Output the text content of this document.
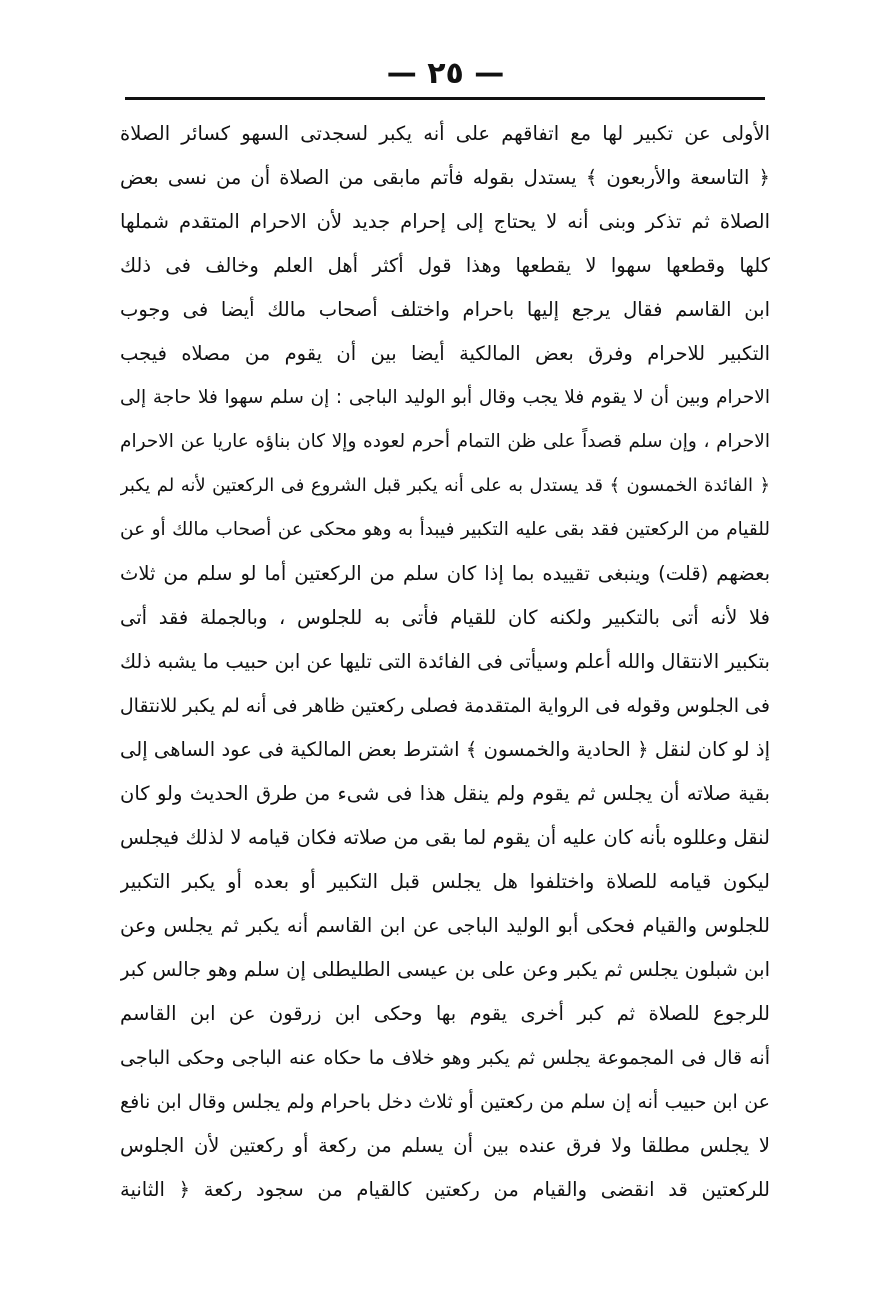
— ٢٥ —
الأولى عن تكبير لها مع اتفاقهم على أنه يكبر لسجدتى السهو كسائر الصلاة
﴿ التاسعة والأربعون ﴾ يستدل بقوله فأتم مابقى من الصلاة أن من نسى بعض
الصلاة ثم تذكر وبنى أنه لا يحتاج إلى إحرام جديد لأن الاحرام المتقدم شملها
كلها وقطعها سهوا لا يقطعها وهذا قول أكثر أهل العلم وخالف فى ذلك
ابن القاسم فقال يرجع إليها باحرام واختلف أصحاب مالك أيضا فى وجوب
التكبير للاحرام وفرق بعض المالكية أيضا بين أن يقوم من مصلاه فيجب
الاحرام وبين أن لا يقوم فلا يجب وقال أبو الوليد الباجى : إن سلم سهوا فلا حاجة إلى
الاحرام ، وإن سلم قصداً على ظن التمام أحرم لعوده وإلا كان بناؤه عاريا عن الاحرام
﴿ الفائدة الخمسون ﴾ قد يستدل به على أنه يكبر قبل الشروع فى الركعتين لأنه لم يكبر
للقيام من الركعتين فقد بقى عليه التكبير فيبدأ به وهو محكى عن أصحاب مالك أو عن
بعضهم (قلت) وينبغى تقييده بما إذا كان سلم من الركعتين أما لو سلم من ثلاث
فلا لأنه أتى بالتكبير ولكنه كان للقيام فأتى به للجلوس ، وبالجملة فقد أتى
بتكبير الانتقال والله أعلم وسيأتى فى الفائدة التى تليها عن ابن حبيب ما يشبه ذلك
فى الجلوس وقوله فى الرواية المتقدمة فصلى ركعتين ظاهر فى أنه لم يكبر للانتقال
إذ لو كان لنقل ﴿ الحادية والخمسون ﴾ اشترط بعض المالكية فى عود الساهى إلى
بقية صلاته أن يجلس ثم يقوم ولم ينقل هذا فى شىء من طرق الحديث ولو كان
لنقل وعللوه بأنه كان عليه أن يقوم لما بقى من صلاته فكان قيامه لا لذلك فيجلس
ليكون قيامه للصلاة واختلفوا هل يجلس قبل التكبير أو بعده أو يكبر التكبير
للجلوس والقيام فحكى أبو الوليد الباجى عن ابن القاسم أنه يكبر ثم يجلس وعن
ابن شبلون يجلس ثم يكبر وعن على بن عيسى الطليطلى إن سلم وهو جالس كبر
للرجوع للصلاة ثم كبر أخرى يقوم بها وحكى ابن زرقون عن ابن القاسم
أنه قال فى المجموعة يجلس ثم يكبر وهو خلاف ما حكاه عنه الباجى وحكى الباجى
عن ابن حبيب أنه إن سلم من ركعتين أو ثلاث دخل باحرام ولم يجلس وقال ابن نافع
لا يجلس مطلقا ولا فرق عنده بين أن يسلم من ركعة أو ركعتين لأن الجلوس
للركعتين قد انقضى والقيام من ركعتين كالقيام من سجود ركعة ﴿ الثانية
